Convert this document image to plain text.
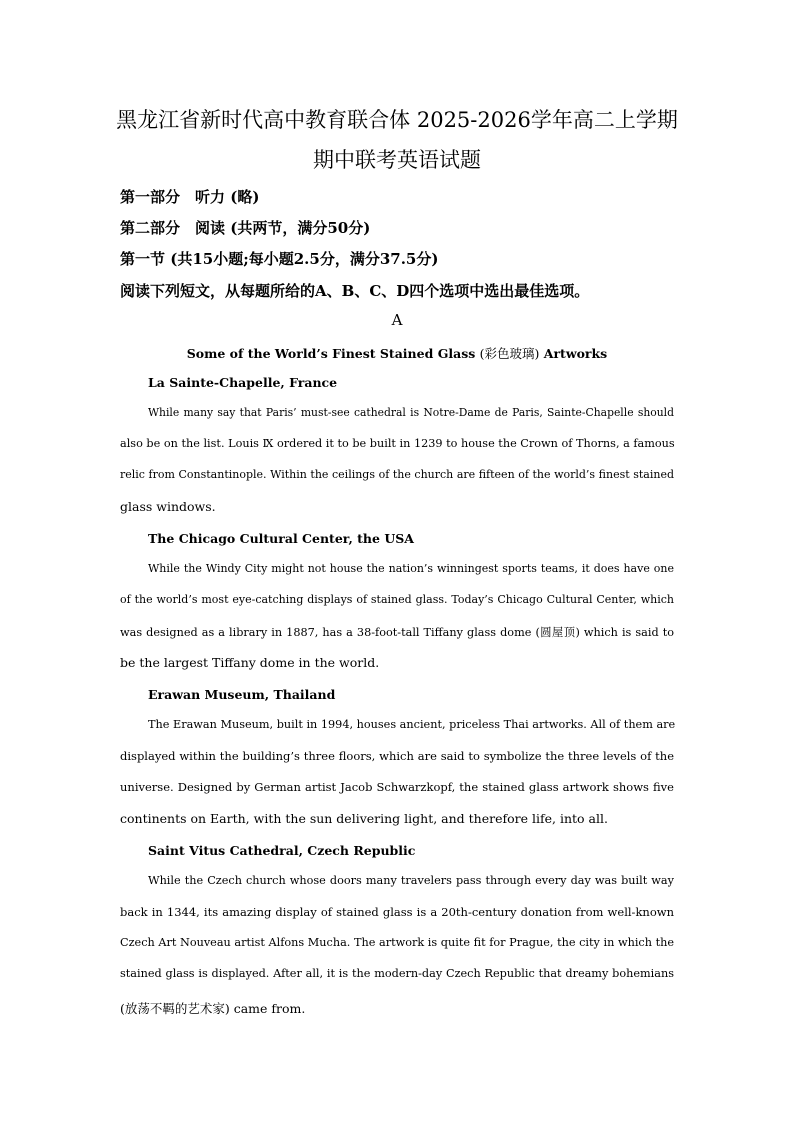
黑龙江省新时代高中教育联合体 2025-2026学年高二上学期
期中联考英语试题
第一部分　听力 (略)
第二部分　阅读 (共两节，满分50分)
第一节 (共15小题;每小题2.5分，满分37.5分)
阅读下列短文，从每题所给的A、B、C、D四个选项中选出最佳选项。
A
Some of the World’s Finest Stained Glass (彩色玻璃) Artworks
La Sainte-Chapelle, France
While many say that Paris’ must-see cathedral is Notre-Dame de Paris, Sainte-Chapelle should
also be on the list. Louis Ⅸ ordered it to be built in 1239 to house the Crown of Thorns, a famous
relic from Constantinople. Within the ceilings of the church are fifteen of the world’s finest stained
glass windows.
The Chicago Cultural Center, the USA
While the Windy City might not house the nation’s winningest sports teams, it does have one
of the world’s most eye-catching displays of stained glass. Today’s Chicago Cultural Center, which
was designed as a library in 1887, has a 38-foot-tall Tiffany glass dome (圆屋顶) which is said to
be the largest Tiffany dome in the world.
Erawan Museum, Thailand
The Erawan Museum, built in 1994, houses ancient, priceless Thai artworks. All of them are
displayed within the building’s three floors, which are said to symbolize the three levels of the
universe. Designed by German artist Jacob Schwarzkopf, the stained glass artwork shows five
continents on Earth, with the sun delivering light, and therefore life, into all.
Saint Vitus Cathedral, Czech Republic
While the Czech church whose doors many travelers pass through every day was built way
back in 1344, its amazing display of stained glass is a 20th-century donation from well-known
Czech Art Nouveau artist Alfons Mucha. The artwork is quite fit for Prague, the city in which the
stained glass is displayed. After all, it is the modern-day Czech Republic that dreamy bohemians
(放荡不羁的艺术家) came from.
